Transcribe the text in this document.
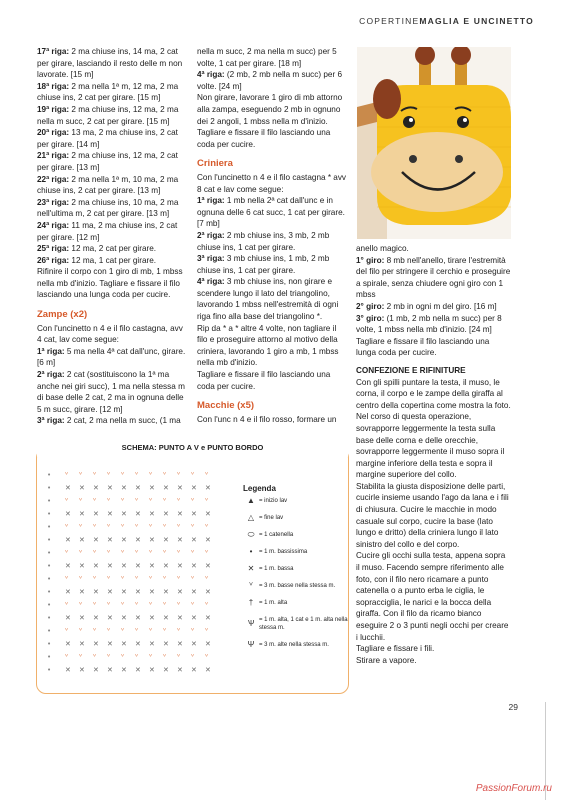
COPERTINEMAGLIA E UNCINETTO

17ª riga: 2 ma chiuse ins, 14 ma, 2 cat per girare, lasciando il resto delle m non lavorate. [15 m]

18ª riga: 2 ma nella 1ª m, 12 ma, 2 ma chiuse ins, 2 cat per girare. [15 m]

19ª riga: 2 ma chiuse ins, 12 ma, 2 ma nella m succ, 2 cat per girare. [15 m]

20ª riga: 13 ma, 2 ma chiuse ins, 2 cat per girare. [14 m]

21ª riga: 2 ma chiuse ins, 12 ma, 2 cat per girare. [13 m]

22ª riga: 2 ma nella 1ª m, 10 ma, 2 ma chiuse ins, 2 cat per girare. [13 m]

23ª riga: 2 ma chiuse ins, 10 ma, 2 ma nell'ultima m, 2 cat per girare. [13 m]

24ª riga: 11 ma, 2 ma chiuse ins, 2 cat per girare. [12 m]

25ª riga: 12 ma, 2 cat per girare.

26ª riga: 12 ma, 1 cat per girare.

Rifinire il corpo con 1 giro di mb, 1 mbss nella mb d'inizio. Tagliare e fissare il filo lasciando una lunga coda per cucire.

Zampe (x2)

Con l'uncinetto n 4 e il filo castagna, avv 4 cat, lav come segue:

1ª riga: 5 ma nella 4ª cat dall'unc, girare. [6 m]

2ª riga: 2 cat (sostituiscono la 1ª ma anche nei giri succ), 1 ma nella stessa m di base delle 2 cat, 2 ma in ognuna delle 5 m succ, girare. [12 m]

3ª riga: 2 cat, 2 ma nella m succ, (1 ma

nella m succ, 2 ma nella m succ) per 5 volte, 1 cat per girare. [18 m]

4ª riga: (2 mb, 2 mb nella m succ) per 6 volte. [24 m]

Non girare, lavorare 1 giro di mb attorno alla zampa, eseguendo 2 mb in ognuno dei 2 angoli, 1 mbss nella m d'inizio. Tagliare e fissare il filo lasciando una coda per cucire.

Criniera

Con l'uncinetto n 4 e il filo castagna * avv 8 cat e lav come segue:

1ª riga: 1 mb nella 2ª cat dall'unc e in ognuna delle 6 cat succ, 1 cat per girare. [7 mb]

2ª riga: 2 mb chiuse ins, 3 mb, 2 mb chiuse ins, 1 cat per girare.

3ª riga: 3 mb chiuse ins, 1 mb, 2 mb chiuse ins, 1 cat per girare.

4ª riga: 3 mb chiuse ins, non girare e scendere lungo il lato del triangolino, lavorando 1 mbss nell'estremità di ogni riga fino alla base del triangolino *.

Rip da * a * altre 4 volte, non tagliare il filo e proseguire attorno al motivo della criniera, lavorando 1 giro a mb, 1 mbss nella mb d'inizio.

Tagliare e fissare il filo lasciando una coda per cucire.

Macchie (x5)

Con l'unc n 4 e il filo rosso, formare un

anello magico.

1° giro: 8 mb nell'anello, tirare l'estremità del filo per stringere il cerchio e proseguire a spirale, senza chiudere ogni giro con 1 mbss

2° giro: 2 mb in ogni m del giro. [16 m]

3° giro: (1 mb, 2 mb nella m succ) per 8 volte, 1 mbss nella mb d'inizio. [24 m]

Tagliare e fissare il filo lasciando una lunga coda per cucire.

CONFEZIONE E RIFINITURE

Con gli spilli puntare la testa, il muso, le corna, il corpo e le zampe della giraffa al centro della copertina come mostra la foto. Nel corso di questa operazione, sovrapporre leggermente la testa sulla base delle corna e delle orecchie, sovrapporre leggermente il muso sopra il margine inferiore della testa e sopra il margine superiore del collo.

Stabilita la giusta disposizione delle parti, cucirle insieme usando l'ago da lana e i fili di chiusura. Cucire le macchie in modo casuale sul corpo, cucire la base (lato lungo e dritto) della criniera lungo il lato sinistro del collo e del corpo.

Cucire gli occhi sulla testa, appena sopra il muso. Facendo sempre riferimento alle foto, con il filo nero ricamare a punto catenella o a punto erba le ciglia, le sopracciglia, le narici e la bocca della giraffa. Con il filo da ricamo bianco eseguire 2 o 3 punti negli occhi per creare i lucchii.

Tagliare e fissare i fili.

Stirare a vapore.

SCHEMA: PUNTO A V e PUNTO BORDO
ⱽ ⱽ ⱽ ⱽ ⱽ ⱽ ⱽ ⱽ ⱽ ⱽ ⱽ
•
✕ ✕ ✕ ✕ ✕ ✕ ✕ ✕ ✕ ✕ ✕
•
ⱽ ⱽ ⱽ ⱽ ⱽ ⱽ ⱽ ⱽ ⱽ ⱽ ⱽ
•
✕ ✕ ✕ ✕ ✕ ✕ ✕ ✕ ✕ ✕ ✕
•
ⱽ ⱽ ⱽ ⱽ ⱽ ⱽ ⱽ ⱽ ⱽ ⱽ ⱽ
•
✕ ✕ ✕ ✕ ✕ ✕ ✕ ✕ ✕ ✕ ✕
•
ⱽ ⱽ ⱽ ⱽ ⱽ ⱽ ⱽ ⱽ ⱽ ⱽ ⱽ
•
✕ ✕ ✕ ✕ ✕ ✕ ✕ ✕ ✕ ✕ ✕
•
ⱽ ⱽ ⱽ ⱽ ⱽ ⱽ ⱽ ⱽ ⱽ ⱽ ⱽ
•
✕ ✕ ✕ ✕ ✕ ✕ ✕ ✕ ✕ ✕ ✕
•
ⱽ ⱽ ⱽ ⱽ ⱽ ⱽ ⱽ ⱽ ⱽ ⱽ ⱽ
•
✕ ✕ ✕ ✕ ✕ ✕ ✕ ✕ ✕ ✕ ✕
•
ⱽ ⱽ ⱽ ⱽ ⱽ ⱽ ⱽ ⱽ ⱽ ⱽ ⱽ
•
✕ ✕ ✕ ✕ ✕ ✕ ✕ ✕ ✕ ✕ ✕
•
ⱽ ⱽ ⱽ ⱽ ⱽ ⱽ ⱽ ⱽ ⱽ ⱽ ⱽ
•
✕ ✕ ✕ ✕ ✕ ✕ ✕ ✕ ✕ ✕ ✕
•
Legenda
▲ = inizio lav
△ = fine lav
⬭ = 1 catenella
•	= 1 m. bassissima
✕ = 1 m. bassa
ⱽ	= 3 m. basse nella stessa m.
† = 1 m. alta
Ѱ = 1 m. alta, 1 cat e 1 m. alta nella stessa m.
Ψ = 3 m. alte nella stessa m.
29
PassionForum.ru
